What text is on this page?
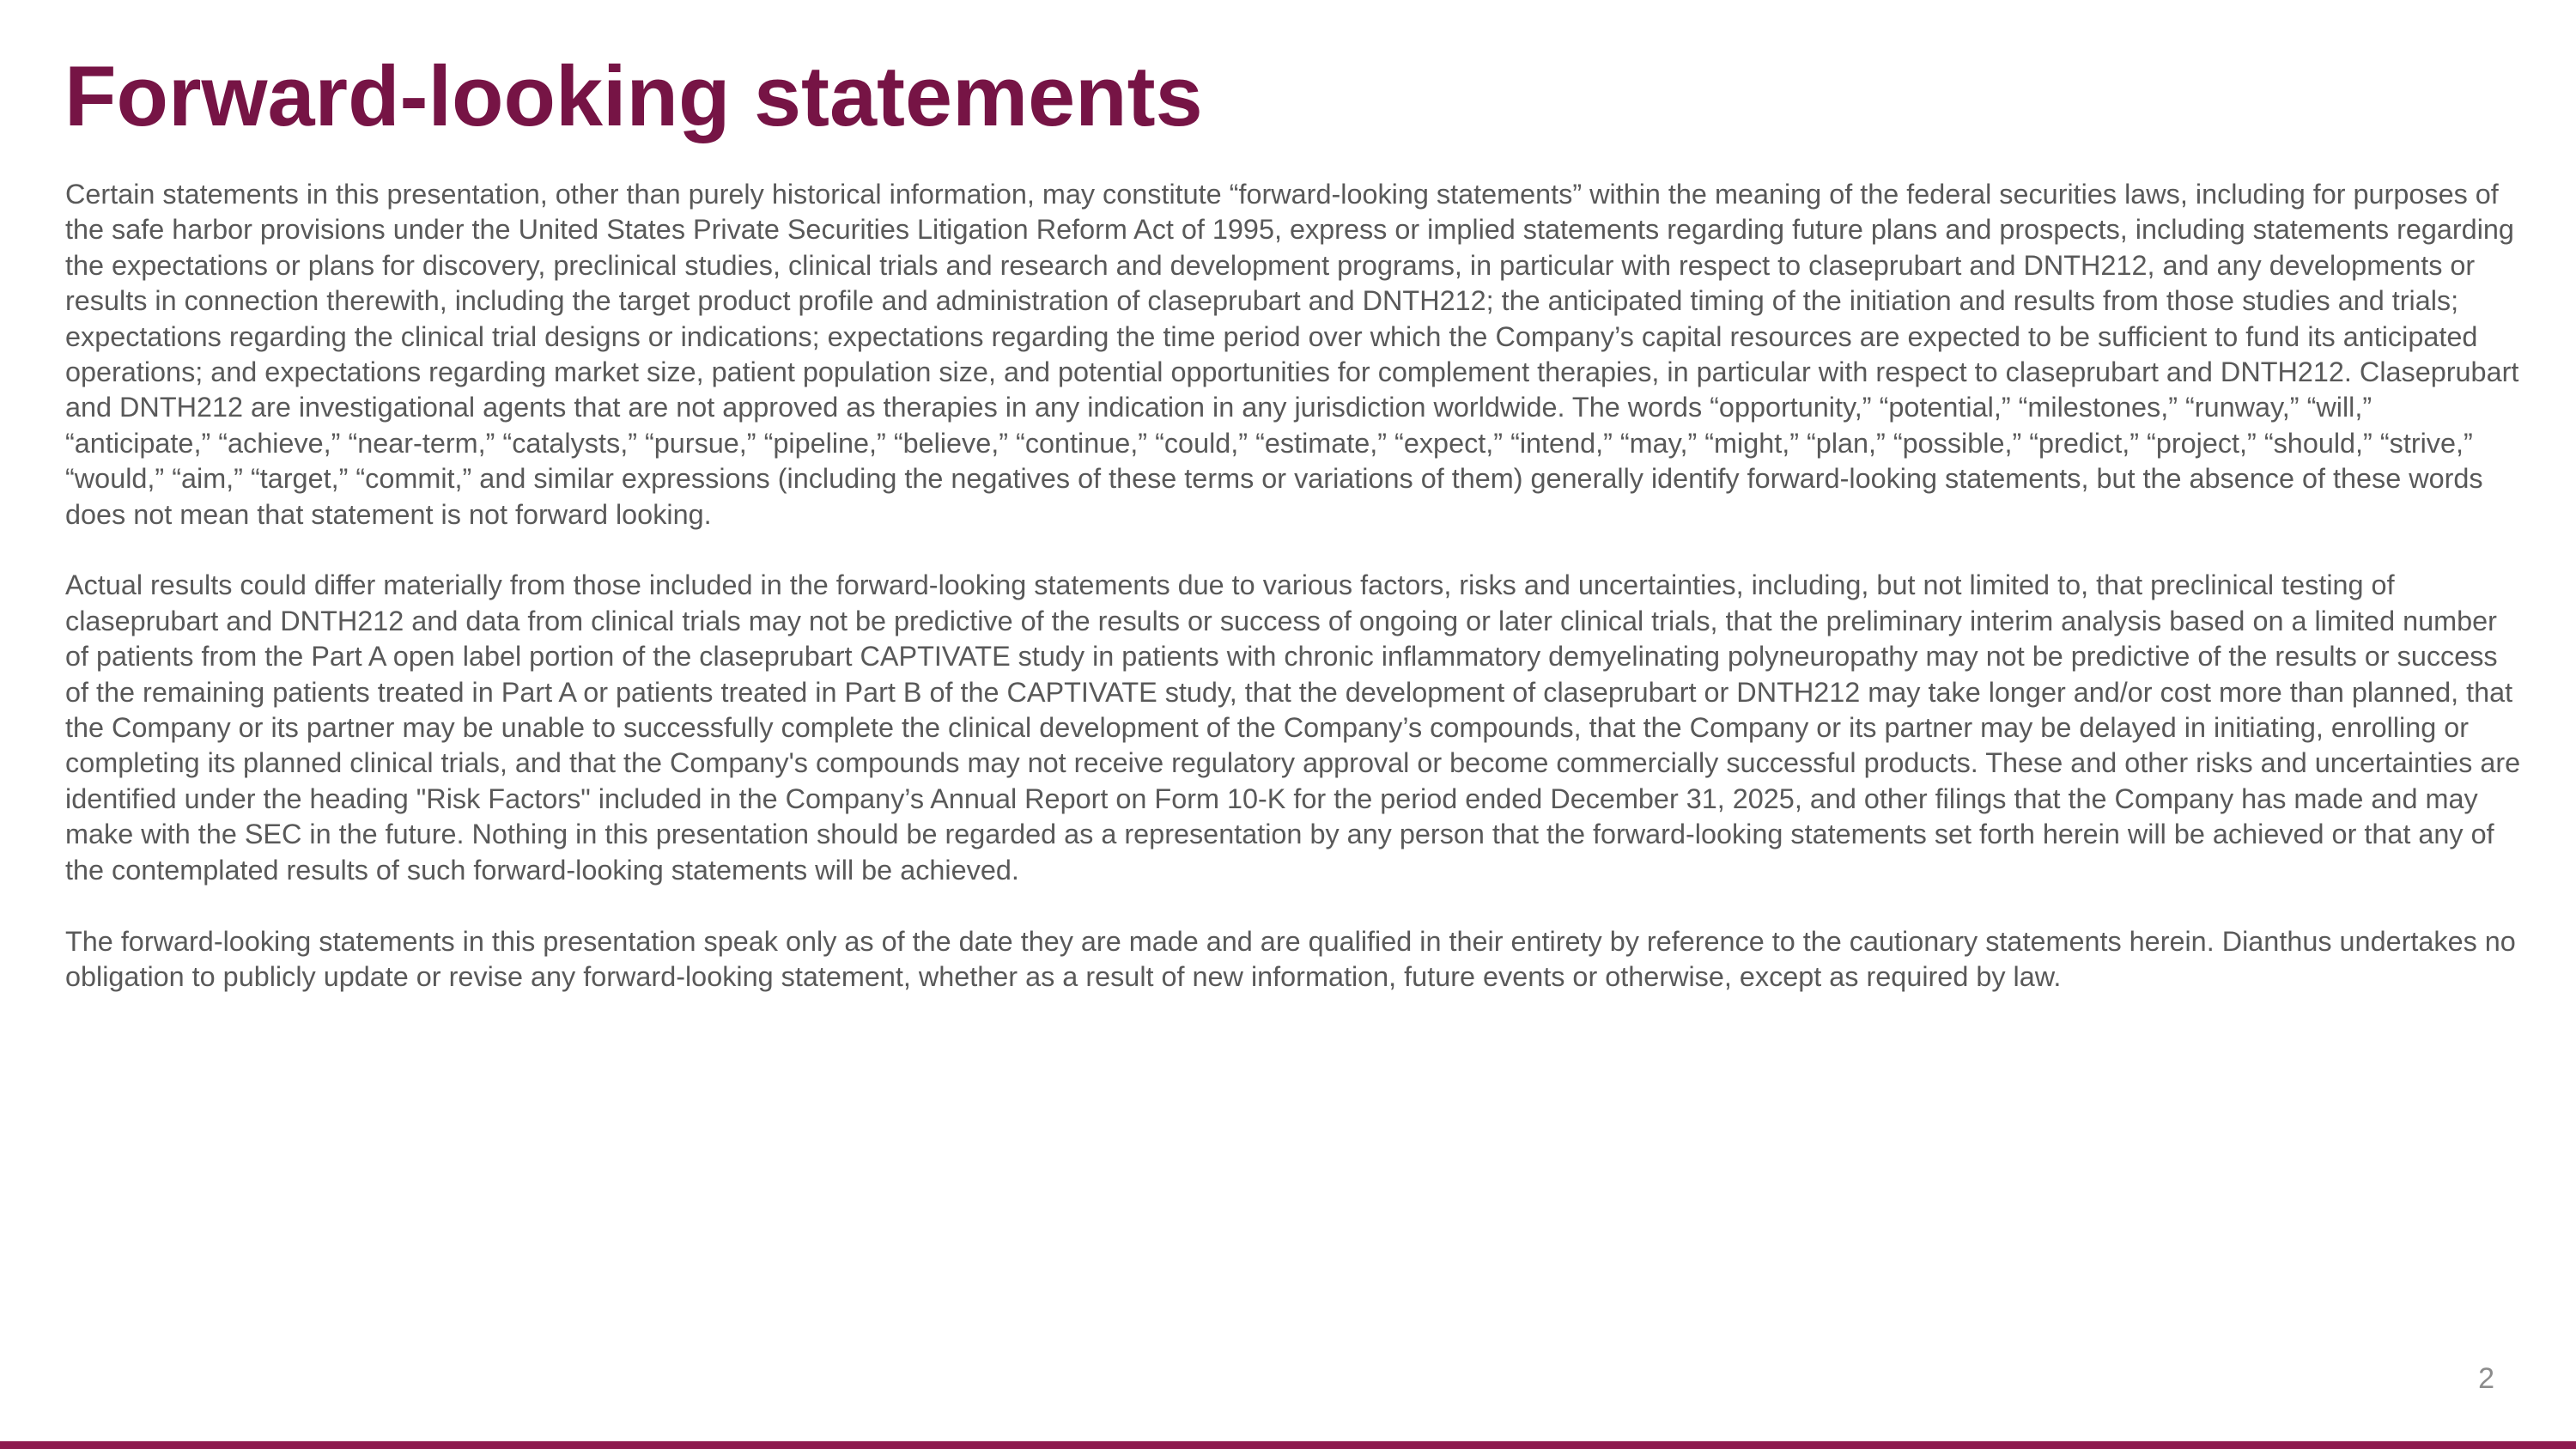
Forward-looking statements

Certain statements in this presentation, other than purely historical information, may constitute “forward-looking statements” within the meaning of the federal securities laws, including for purposes of the safe harbor provisions under the United States Private Securities Litigation Reform Act of 1995, express or implied statements regarding future plans and prospects, including statements regarding the expectations or plans for discovery, preclinical studies, clinical trials and research and development programs, in particular with respect to claseprubart and DNTH212, and any developments or results in connection therewith, including the target product profile and administration of claseprubart and DNTH212; the anticipated timing of the initiation and results from those studies and trials; expectations regarding the clinical trial designs or indications; expectations regarding the time period over which the Company’s capital resources are expected to be sufficient to fund its anticipated operations; and expectations regarding market size, patient population size, and potential opportunities for complement therapies, in particular with respect to claseprubart and DNTH212. Claseprubart and DNTH212 are investigational agents that are not approved as therapies in any indication in any jurisdiction worldwide. The words “opportunity,” “potential,” “milestones,” “runway,” “will,” “anticipate,” “achieve,” “near-term,” “catalysts,” “pursue,” “pipeline,” “believe,” “continue,” “could,” “estimate,” “expect,” “intend,” “may,” “might,” “plan,” “possible,” “predict,” “project,” “should,” “strive,” “would,” “aim,” “target,” “commit,” and similar expressions (including the negatives of these terms or variations of them) generally identify forward-looking statements, but the absence of these words does not mean that statement is not forward looking.

Actual results could differ materially from those included in the forward-looking statements due to various factors, risks and uncertainties, including, but not limited to, that preclinical testing of claseprubart and DNTH212 and data from clinical trials may not be predictive of the results or success of ongoing or later clinical trials, that the preliminary interim analysis based on a limited number of patients from the Part A open label portion of the claseprubart CAPTIVATE study in patients with chronic inflammatory demyelinating polyneuropathy may not be predictive of the results or success of the remaining patients treated in Part A or patients treated in Part B of the CAPTIVATE study, that the development of claseprubart or DNTH212 may take longer and/or cost more than planned, that the Company or its partner may be unable to successfully complete the clinical development of the Company’s compounds, that the Company or its partner may be delayed in initiating, enrolling or completing its planned clinical trials, and that the Company's compounds may not receive regulatory approval or become commercially successful products. These and other risks and uncertainties are identified under the heading "Risk Factors" included in the Company’s Annual Report on Form 10-K for the period ended December 31, 2025, and other filings that the Company has made and may make with the SEC in the future. Nothing in this presentation should be regarded as a representation by any person that the forward-looking statements set forth herein will be achieved or that any of the contemplated results of such forward-looking statements will be achieved.

The forward-looking statements in this presentation speak only as of the date they are made and are qualified in their entirety by reference to the cautionary statements herein. Dianthus undertakes no obligation to publicly update or revise any forward-looking statement, whether as a result of new information, future events or otherwise, except as required by law.

2
